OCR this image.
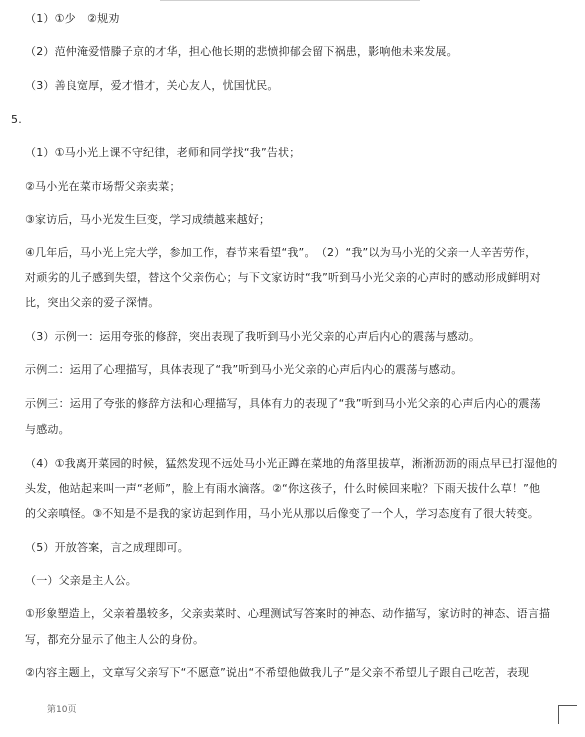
（1）①少　②规劝
（2）范仲淹爱惜滕子京的才华，担心他长期的悲愤抑郁会留下祸患，影响他未来发展。
（3）善良宽厚，爱才惜才，关心友人，忧国忧民。
5.
（1）①马小光上课不守纪律，老师和同学找“我”告状；
②马小光在菜市场帮父亲卖菜；
③家访后，马小光发生巨变，学习成绩越来越好；
④几年后，马小光上完大学，参加工作，春节来看望“我”。　（2）“我”以为马小光的父亲一人辛苦劳作，
对顽劣的儿子感到失望，替这个父亲伤心；与下文家访时“我”听到马小光父亲的心声时的感动形成鲜明对
比，突出父亲的爱子深情。
（3）示例一：运用夸张的修辞，突出表现了我听到马小光父亲的心声后内心的震荡与感动。
示例二：运用了心理描写，具体表现了“我”听到马小光父亲的心声后内心的震荡与感动。
示例三：运用了夸张的修辞方法和心理描写，具体有力的表现了“我”听到马小光父亲的心声后内心的震荡
与感动。
（4）①我离开菜园的时候，猛然发现不远处马小光正蹲在菜地的角落里拔草，淅淅沥沥的雨点早已打湿他的
头发，他站起来叫一声“老师”，脸上有雨水滴落。②“你这孩子，什么时候回来啦？下雨天拔什么草！”他
的父亲嗔怪。③不知是不是我的家访起到作用，马小光从那以后像变了一个人，学习态度有了很大转变。
（5）开放答案，言之成理即可。
（一）父亲是主人公。
①形象塑造上，父亲着墨较多，父亲卖菜时、心理测试写答案时的神态、动作描写，家访时的神态、语言描
写，都充分显示了他主人公的身份。
②内容主题上，文章写父亲写下“不愿意”说出“不希望他做我儿子”是父亲不希望儿子跟自己吃苦，表现
第10页
